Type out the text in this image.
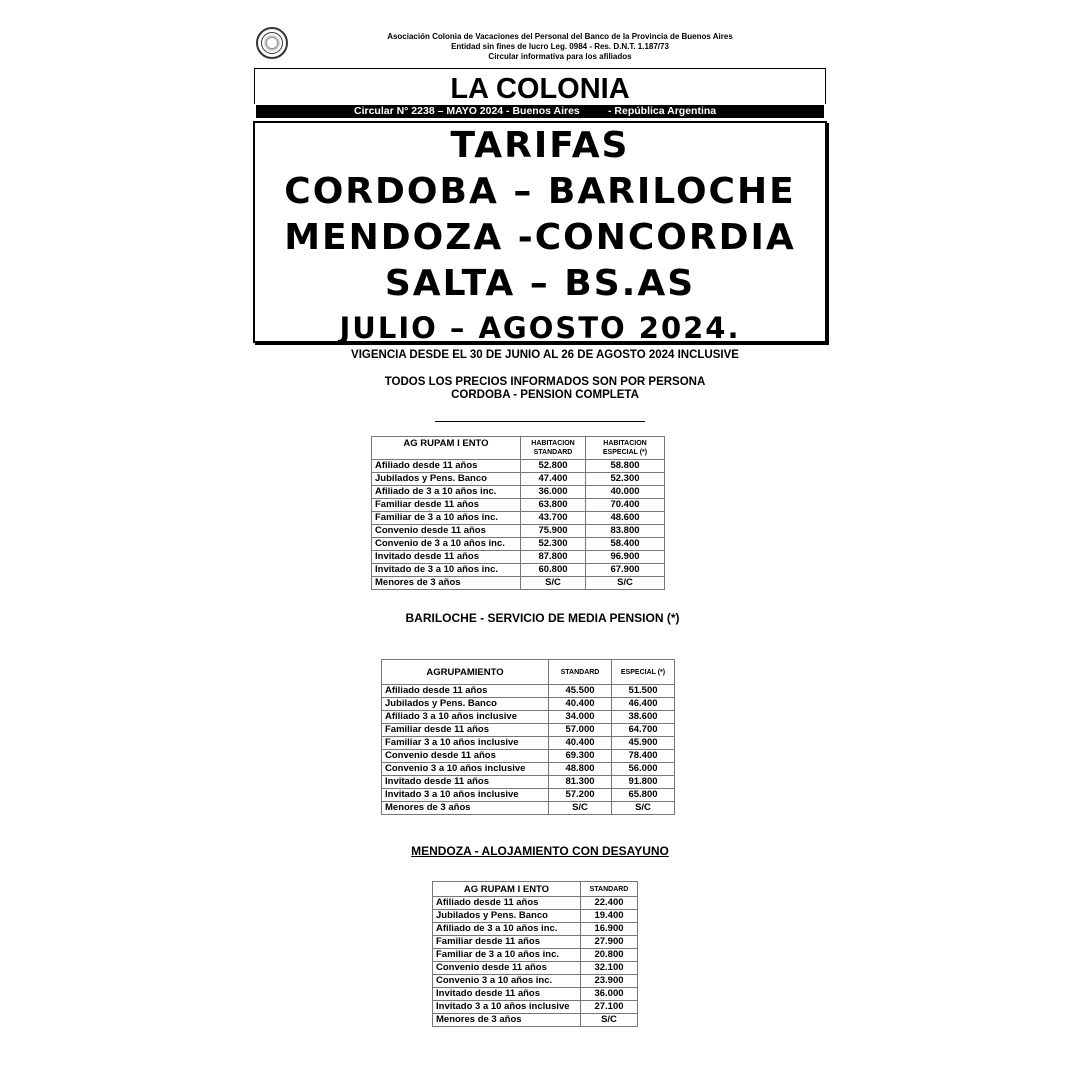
Asociación Colonia de Vacaciones del Personal del Banco de la Provincia de Buenos Aires
Entidad sin fines de lucro Leg. 0984 - Res. D.N.T. 1.187/73
Circular informativa para los afiliados
LA COLONIA
Circular N° 2238 – MAYO 2024 - Buenos Aires	- República Argentina
TARIFAS
CORDOBA – BARILOCHE
MENDOZA -CONCORDIA
SALTA – BS.AS
JULIO – AGOSTO 2024.
VIGENCIA DESDE EL 30 DE JUNIO AL 26 DE AGOSTO 2024 INCLUSIVE
TODOS LOS PRECIOS INFORMADOS SON POR PERSONA
CORDOBA - PENSION COMPLETA
AG RUPAM I ENTO	HABITACION STANDARD	HABITACION ESPECIAL (*)
Afiliado desde 11 años	52.800	58.800
Jubilados y Pens. Banco	47.400	52.300
Afiliado de 3 a 10 años inc.	36.000	40.000
Familiar desde 11 años	63.800	70.400
Familiar de 3 a 10 años inc.	43.700	48.600
Convenio desde 11 años	75.900	83.800
Convenio de 3 a 10 años inc.	52.300	58.400
Invitado desde 11 años	87.800	96.900
Invitado de 3 a 10 años inc.	60.800	67.900
Menores de 3 años	S/C	S/C
BARILOCHE - SERVICIO DE MEDIA PENSION (*)
AGRUPAMIENTO	STANDARD	ESPECIAL (*)
Afiliado desde 11 años	45.500	51.500
Jubilados y Pens. Banco	40.400	46.400
Afiliado 3 a 10 años inclusive	34.000	38.600
Familiar desde 11 años	57.000	64.700
Familiar 3 a 10 años inclusive	40.400	45.900
Convenio desde 11 años	69.300	78.400
Convenio 3 a 10 años inclusive	48.800	56.000
Invitado desde 11 años	81.300	91.800
Invitado 3 a 10 años inclusive	57.200	65.800
Menores de 3 años	S/C	S/C
MENDOZA - ALOJAMIENTO CON DESAYUNO
AG RUPAM I ENTO	STANDARD
Afiliado desde 11 años	22.400
Jubilados y Pens. Banco	19.400
Afiliado de 3 a 10 años inc.	16.900
Familiar desde 11 años	27.900
Familiar de 3 a 10 años inc.	20.800
Convenio desde 11 años	32.100
Convenio 3 a 10 años inc.	23.900
Invitado desde 11 años	36.000
Invitado 3 a 10 años inclusive	27.100
Menores de 3 años	S/C
